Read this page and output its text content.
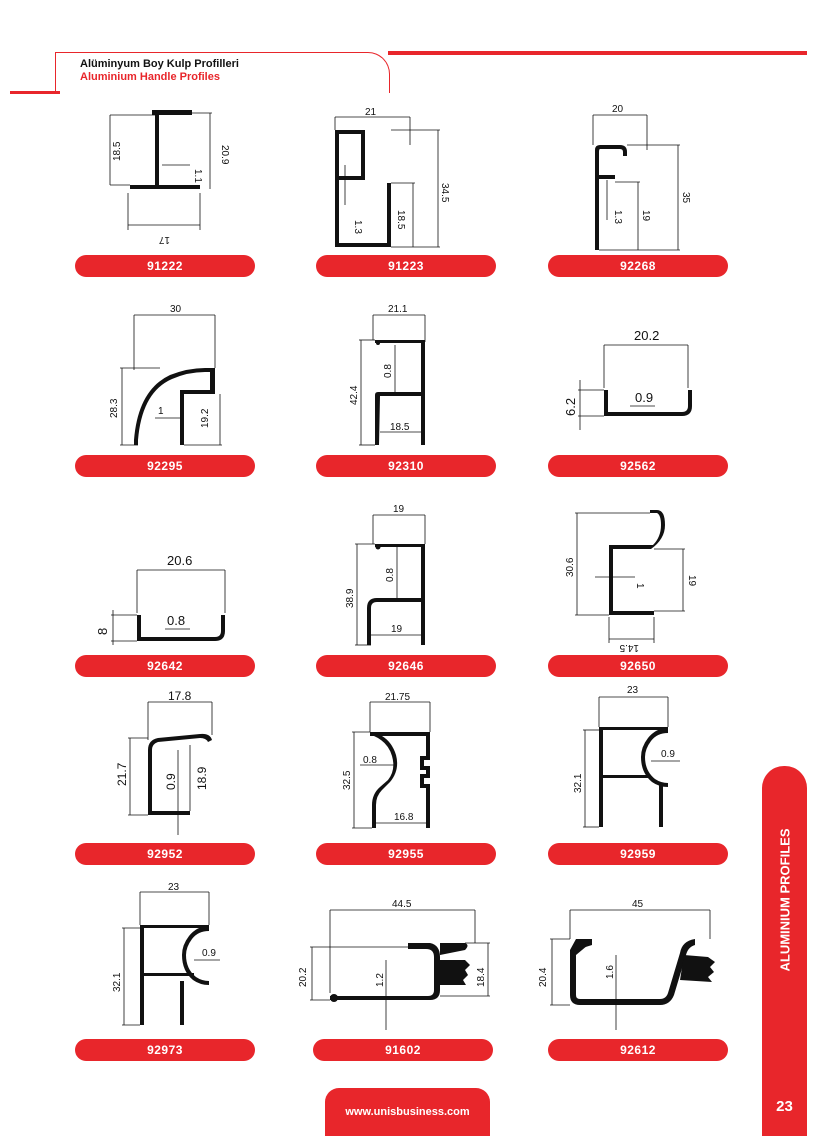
Alüminyum Boy Kulp Profilleri
Aluminium Handle Profiles
18.5	20.9
1.1
17
91222
21
34.5
1.3	18.5
91223
20
35
1.3 19
92268
30
28.3	1	19.2
92295
21.1
42.4
0.8
18.5
92310
20.2
6.2
0.9
92562
20.6
8
0.8
92642
19
38.9
0.8
19
92646
30.6
19
1
14.5
92650
17.8
21.7	0.9 18.9
92952
21.75
32.5
0.8
16.8
92955
23
32.1
0.9
92959
23
32.1
0.9
92973
44.5
20.2	1.2	18.4
91602
45
20.4	1.6
92612
ALUMINIUM PROFILES
23
www.unisbusiness.com
